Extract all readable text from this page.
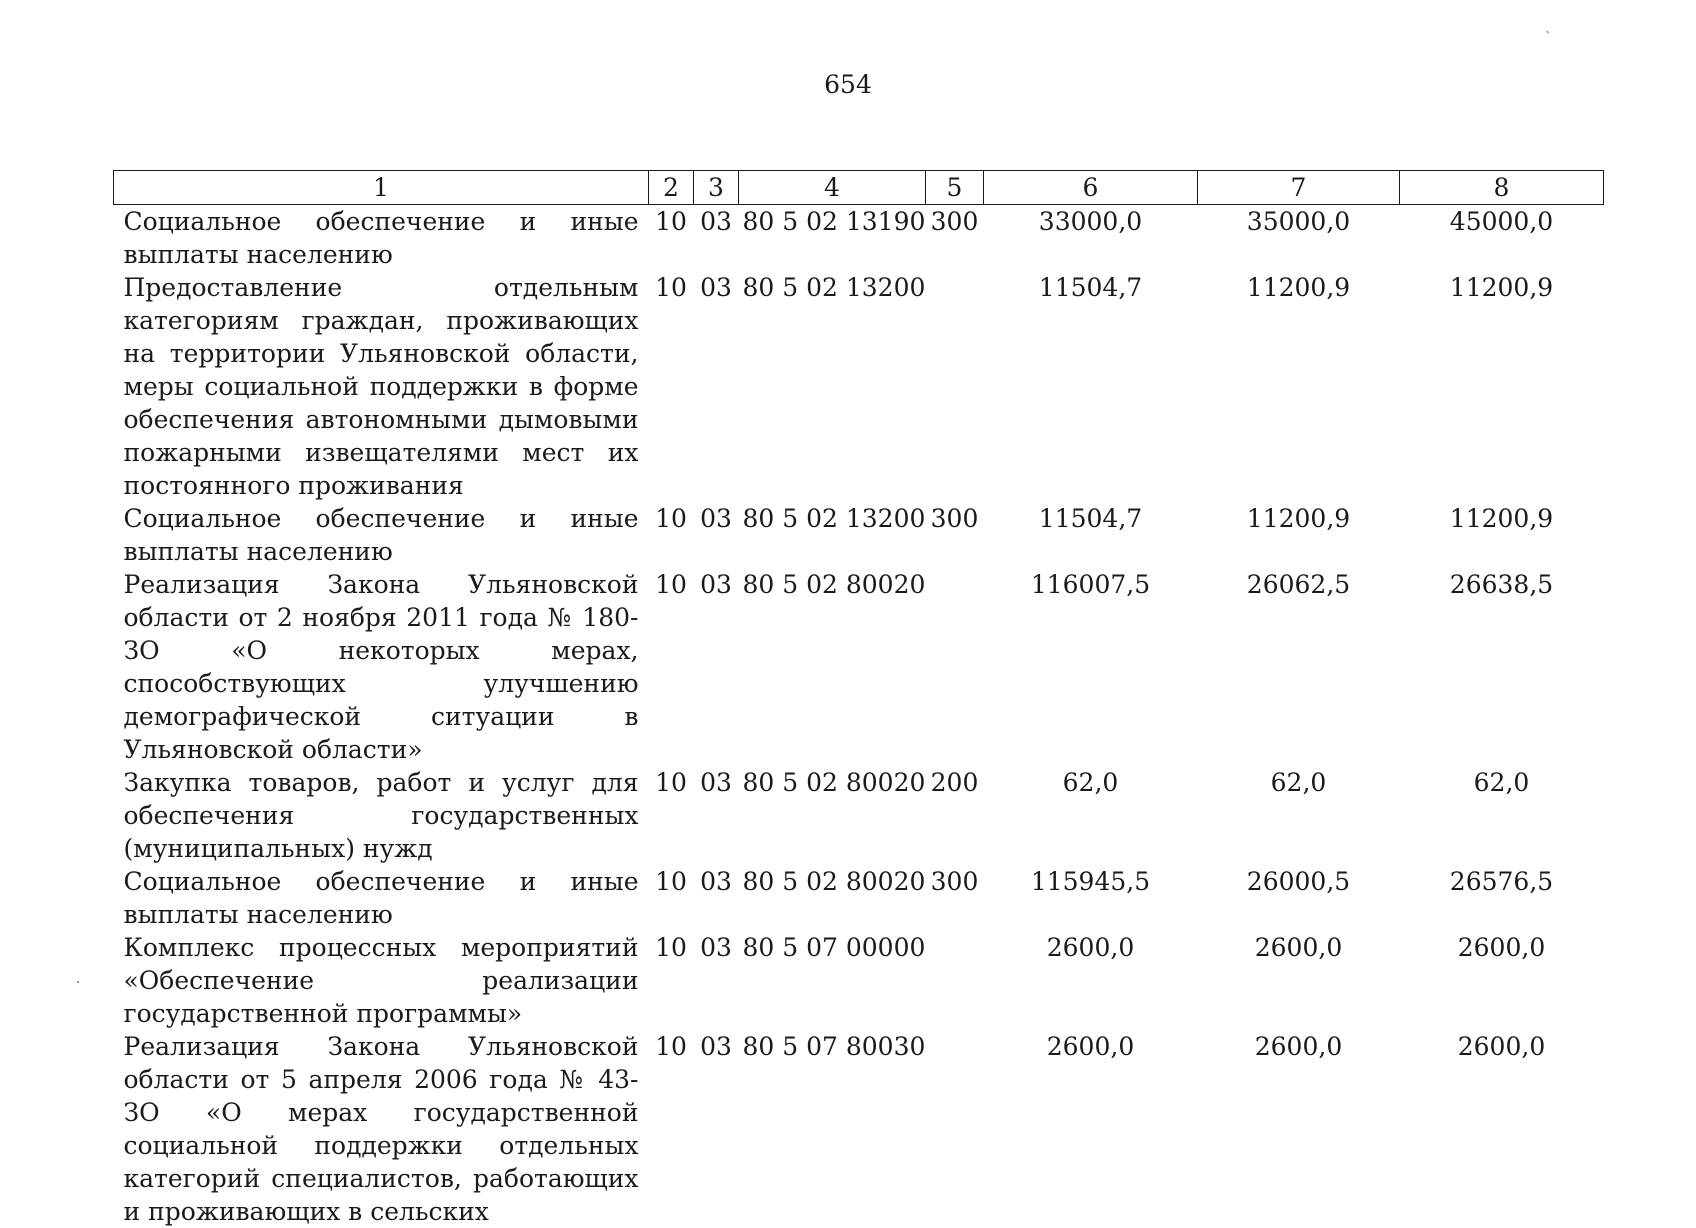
654
ˋ
·
1	2	3	4	5	6	7	8
Социальное обеспечение и иные выплаты населению	10	03	80 5 02 13190	300	33000,0	35000,0	45000,0
Предоставление отдельным категориям граждан, проживающих на территории Ульяновской области, меры социальной поддержки в форме обеспечения автономными дымовыми пожарными извещателями мест их постоянного проживания	10	03	80 5 02 13200		11504,7	11200,9	11200,9
Социальное обеспечение и иные выплаты населению	10	03	80 5 02 13200	300	11504,7	11200,9	11200,9
Реализация Закона Ульяновской области от 2 ноября 2011 года № 180-ЗО «О некоторых мерах, способствующих улучшению демографической ситуации в Ульяновской области»	10	03	80 5 02 80020		116007,5	26062,5	26638,5
Закупка товаров, работ и услуг для обеспечения государственных (муниципальных) нужд	10	03	80 5 02 80020	200	62,0	62,0	62,0
Социальное обеспечение и иные выплаты населению	10	03	80 5 02 80020	300	115945,5	26000,5	26576,5
Комплекс процессных мероприятий «Обеспечение реализации государственной программы»	10	03	80 5 07 00000		2600,0	2600,0	2600,0
Реализация Закона Ульяновской области от 5 апреля 2006 года № 43-ЗО «О мерах государственной социальной поддержки отдельных категорий специалистов, работающих и проживающих в сельских	10	03	80 5 07 80030		2600,0	2600,0	2600,0
